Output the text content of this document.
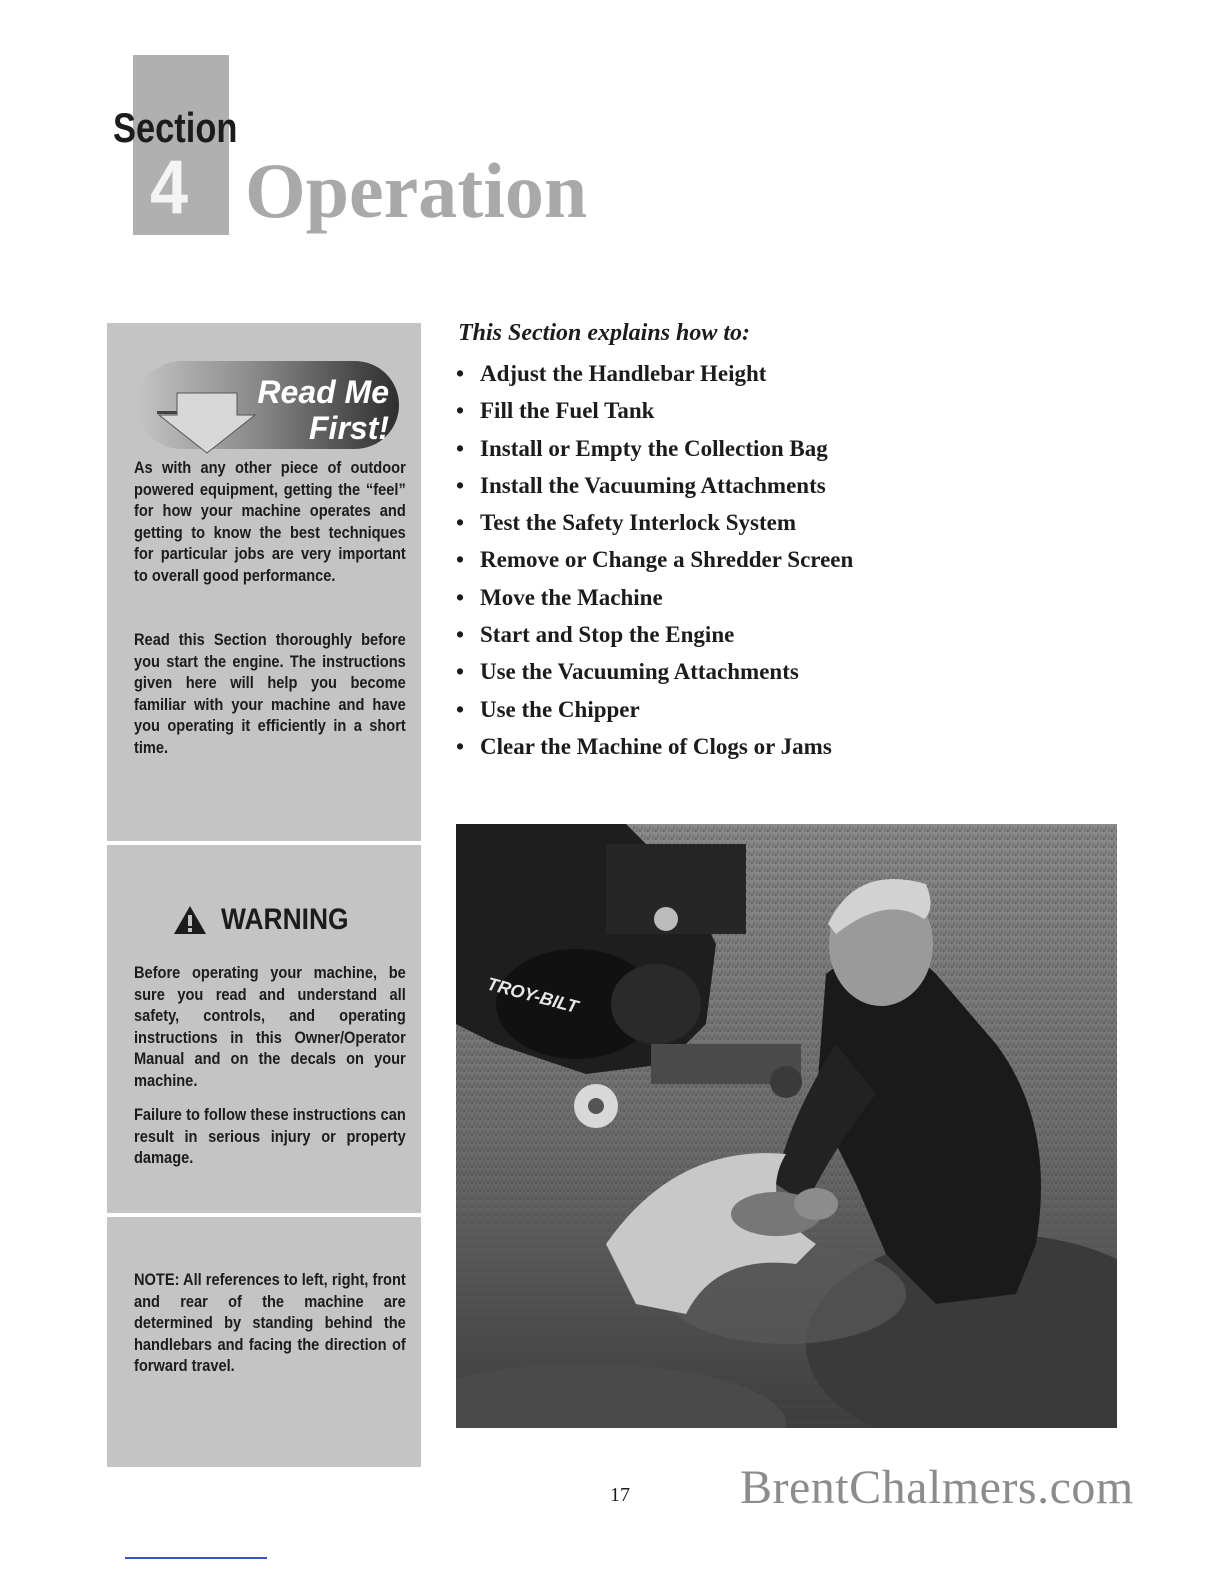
Section
4 Operation
Read Me
First!
As with any other piece of outdoor powered equipment, getting the “feel” for how your machine operates and getting to know the best techniques for particular jobs are very important to overall good performance.
Read this Section thoroughly before you start the engine. The instructions given here will help you become familiar with your machine and have you operating it efficiently in a short time.
WARNING
Before operating your machine, be sure you read and understand all safety, controls, and operating instructions in this Owner/Operator Manual and on the decals on your machine.
Failure to follow these instructions can result in serious injury or property damage.
NOTE: All references to left, right, front and rear of the machine are determined by standing behind the handlebars and facing the direction of forward travel.
This Section explains how to:
• Adjust the Handlebar Height
• Fill the Fuel Tank
• Install or Empty the Collection Bag
• Install the Vacuuming Attachments
• Test the Safety Interlock System
• Remove or Change a Shredder Screen
• Move the Machine
• Start and Stop the Engine
• Use the Vacuuming Attachments
• Use the Chipper
• Clear the Machine of Clogs or Jams
TROY-BILT
17 BrentChalmers.com
